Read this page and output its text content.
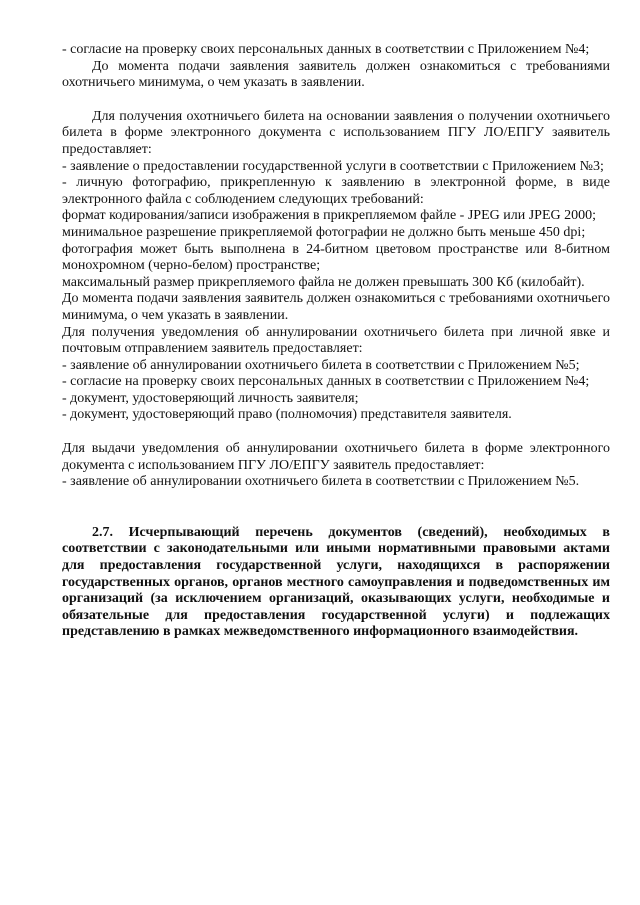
- согласие на проверку своих персональных данных в соответствии с Приложением №4;

До момента подачи заявления заявитель должен ознакомиться с требованиями охотничьего минимума, о чем указать в заявлении.

Для получения охотничьего билета на основании заявления о получении охотничьего билета в форме электронного документа с использованием ПГУ ЛО/ЕПГУ заявитель предоставляет:

- заявление о предоставлении государственной услуги в соответствии с Приложением №3;

- личную фотографию, прикрепленную к заявлению в электронной форме, в виде электронного файла с соблюдением следующих требований:

формат кодирования/записи изображения в прикрепляемом файле - JPEG или JPEG 2000;

минимальное разрешение прикрепляемой фотографии не должно быть меньше 450 dpi;

фотография может быть выполнена в 24-битном цветовом пространстве или 8-битном монохромном (черно-белом) пространстве;

максимальный размер прикрепляемого файла не должен превышать 300 Кб (килобайт).

До момента подачи заявления заявитель должен ознакомиться с требованиями охотничьего минимума, о чем указать в заявлении.

Для получения уведомления об аннулировании охотничьего билета при личной явке и почтовым отправлением заявитель предоставляет:

- заявление об аннулировании охотничьего билета в соответствии с Приложением №5;

- согласие на проверку своих персональных данных в соответствии с Приложением №4;

- документ, удостоверяющий личность заявителя;

- документ, удостоверяющий право (полномочия) представителя заявителя.

Для выдачи уведомления об аннулировании охотничьего билета в форме электронного документа с использованием ПГУ ЛО/ЕПГУ заявитель предоставляет:

- заявление об аннулировании охотничьего билета в соответствии с Приложением №5.

2.7. Исчерпывающий перечень документов (сведений), необходимых в соответствии с законодательными или иными нормативными правовыми актами для предоставления государственной услуги, находящихся в распоряжении государственных органов, органов местного самоуправления и подведомственных им организаций (за исключением организаций, оказывающих услуги, необходимые и обязательные для предоставления государственной услуги) и подлежащих представлению в рамках межведомственного информационного взаимодействия.
